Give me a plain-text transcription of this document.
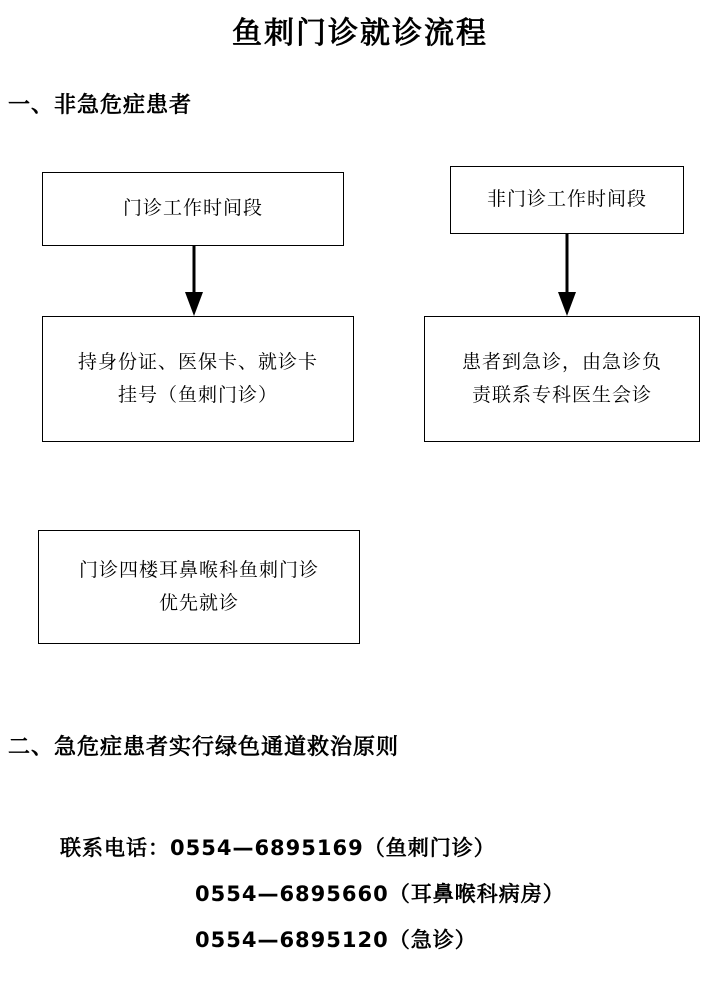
鱼刺门诊就诊流程
一、非急危症患者
门诊工作时间段
持身份证、医保卡、就诊卡
挂号（鱼刺门诊）
门诊四楼耳鼻喉科鱼刺门诊
优先就诊
非门诊工作时间段
患者到急诊，由急诊负
责联系专科医生会诊
二、急危症患者实行绿色通道救治原则
联系电话：0554—6895169（鱼刺门诊）
0554—6895660（耳鼻喉科病房）
0554—6895120（急诊）
